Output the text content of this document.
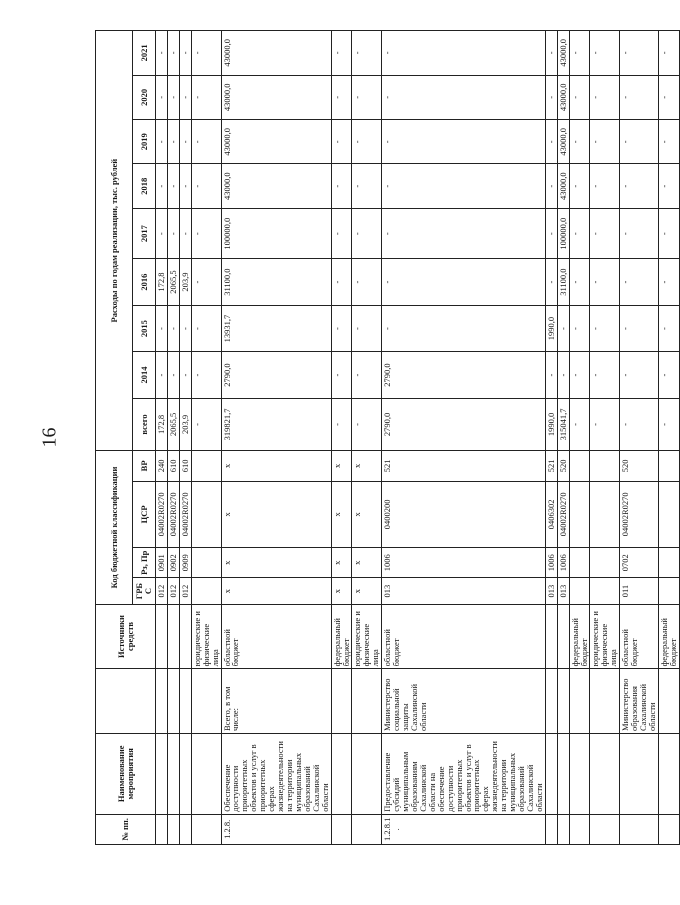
16
№ пп.	Наименование мероприятия		Источники средств	Код бюджетной классификации				Расходы по годам реализации, тыс. рублей								
				ГРБС	Рз, Пр	ЦСР	ВР	всего	2014	2015	2016	2017	2018	2019	2020	2021
				012	0901	04002R0270	240	172,8	-	-	172,8	-	-	-	-	-
				012	0902	04002R0270	610	2065,5	-	-	2065,5	-	-	-	-	-
				012	0909	04002R0270	610	203,9	-	-	203,9	-	-	-	-	-
			юридические и физические лица					-	-	-	-	-	-	-	-	-
1.2.8.	Обеспечение доступности приоритетных объектов и услуг в приоритетных сферах жизнедеятельности на территории муниципальных образований Сахалинской области	Всего, в том числе:	областной бюджет	х	х	х	х	319821,7	2790,0	13931,7	31100,0	100000,0	43000,0	43000,0	43000,0	43000,0
			федеральный бюджет	х	х	х	х	-	-	-	-	-	-	-	-	-
			юридические и физические лица	х	х	х	х	-	-	-	-	-	-	-	-	-
1.2.8.1.	Предоставление субсидий муниципальным образованиям Сахалинской области на обеспечение доступности приоритетных объектов и услуг в приоритетных сферах жизнедеятельности на территории муниципальных образований Сахалинской области	Министерство социальной защиты Сахалинской области	областной бюджет	013	1006	0400200	521	2790,0	2790,0	-	-	-	-	-	-	-
				013	1006	0406302	521	1990,0	-	1990,0	-	-	-	-	-	-
				013	1006	04002R0270	520	315041,7	-	-	31100,0	100000,0	43000,0	43000,0	43000,0	43000,0
			федеральный бюджет					-	-	-	-	-	-	-	-	-
			юридические и физические лица					-	-	-	-	-	-	-	-	-
		Министерство образования Сахалинской области	областной бюджет	011	0702	04002R0270	520	-	-	-	-	-	-	-	-	-
			федеральный бюджет					-	-	-	-	-	-	-	-	-
